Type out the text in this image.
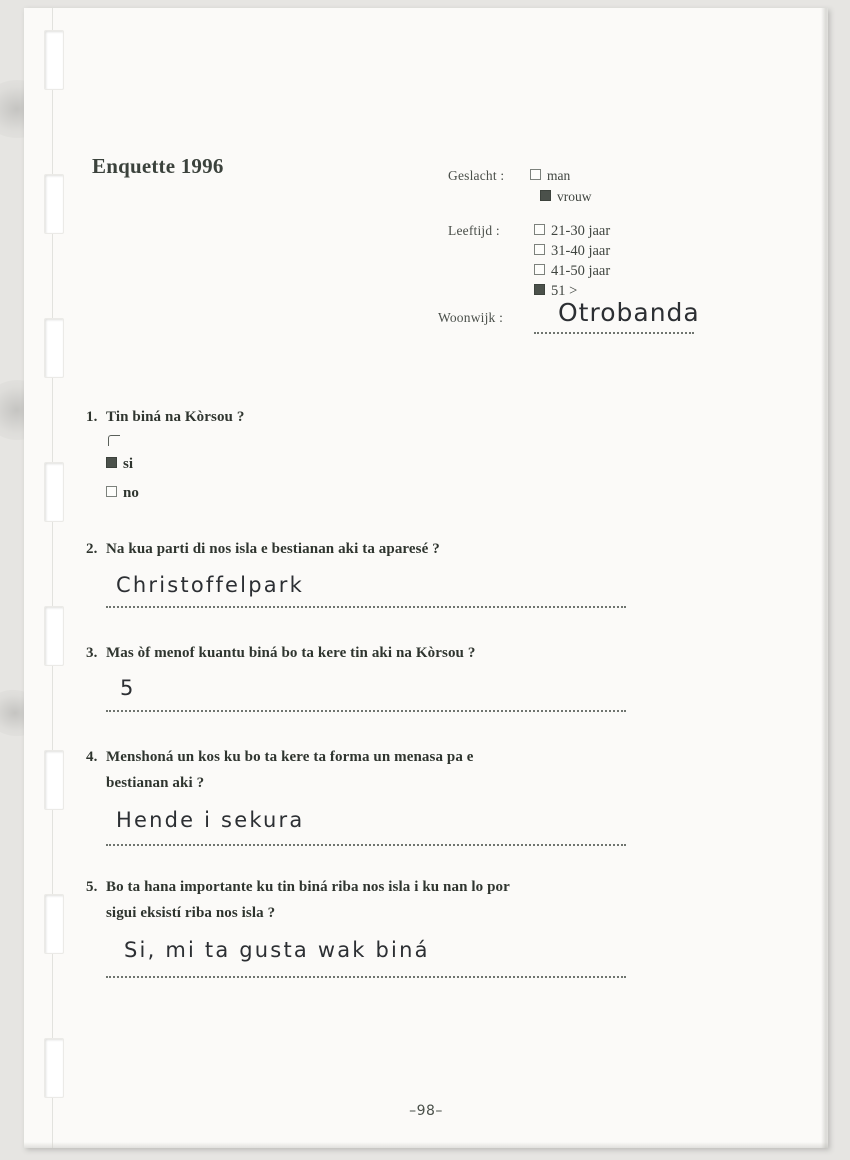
Enquette 1996	Geslacht :	man
vrouw
Leeftijd :	21-30 jaar
31-40 jaar
41-50 jaar
51 >
Woonwijk : Otrobanda
1. Tin biná na Kòrsou ?
si
no
2. Na kua parti di nos isla e bestianan aki ta aparesé ?
Christoffelpark
3. Mas òf menof kuantu biná bo ta kere tin aki na Kòrsou ?
5
4. Menshoná un kos ku bo ta kere ta forma un menasa pa e
bestianan aki ?
Hende i sekura
5. Bo ta hana importante ku tin biná riba nos isla i ku nan lo por
sigui eksistí riba nos isla ?
Si, mi ta gusta wak biná
–98–
